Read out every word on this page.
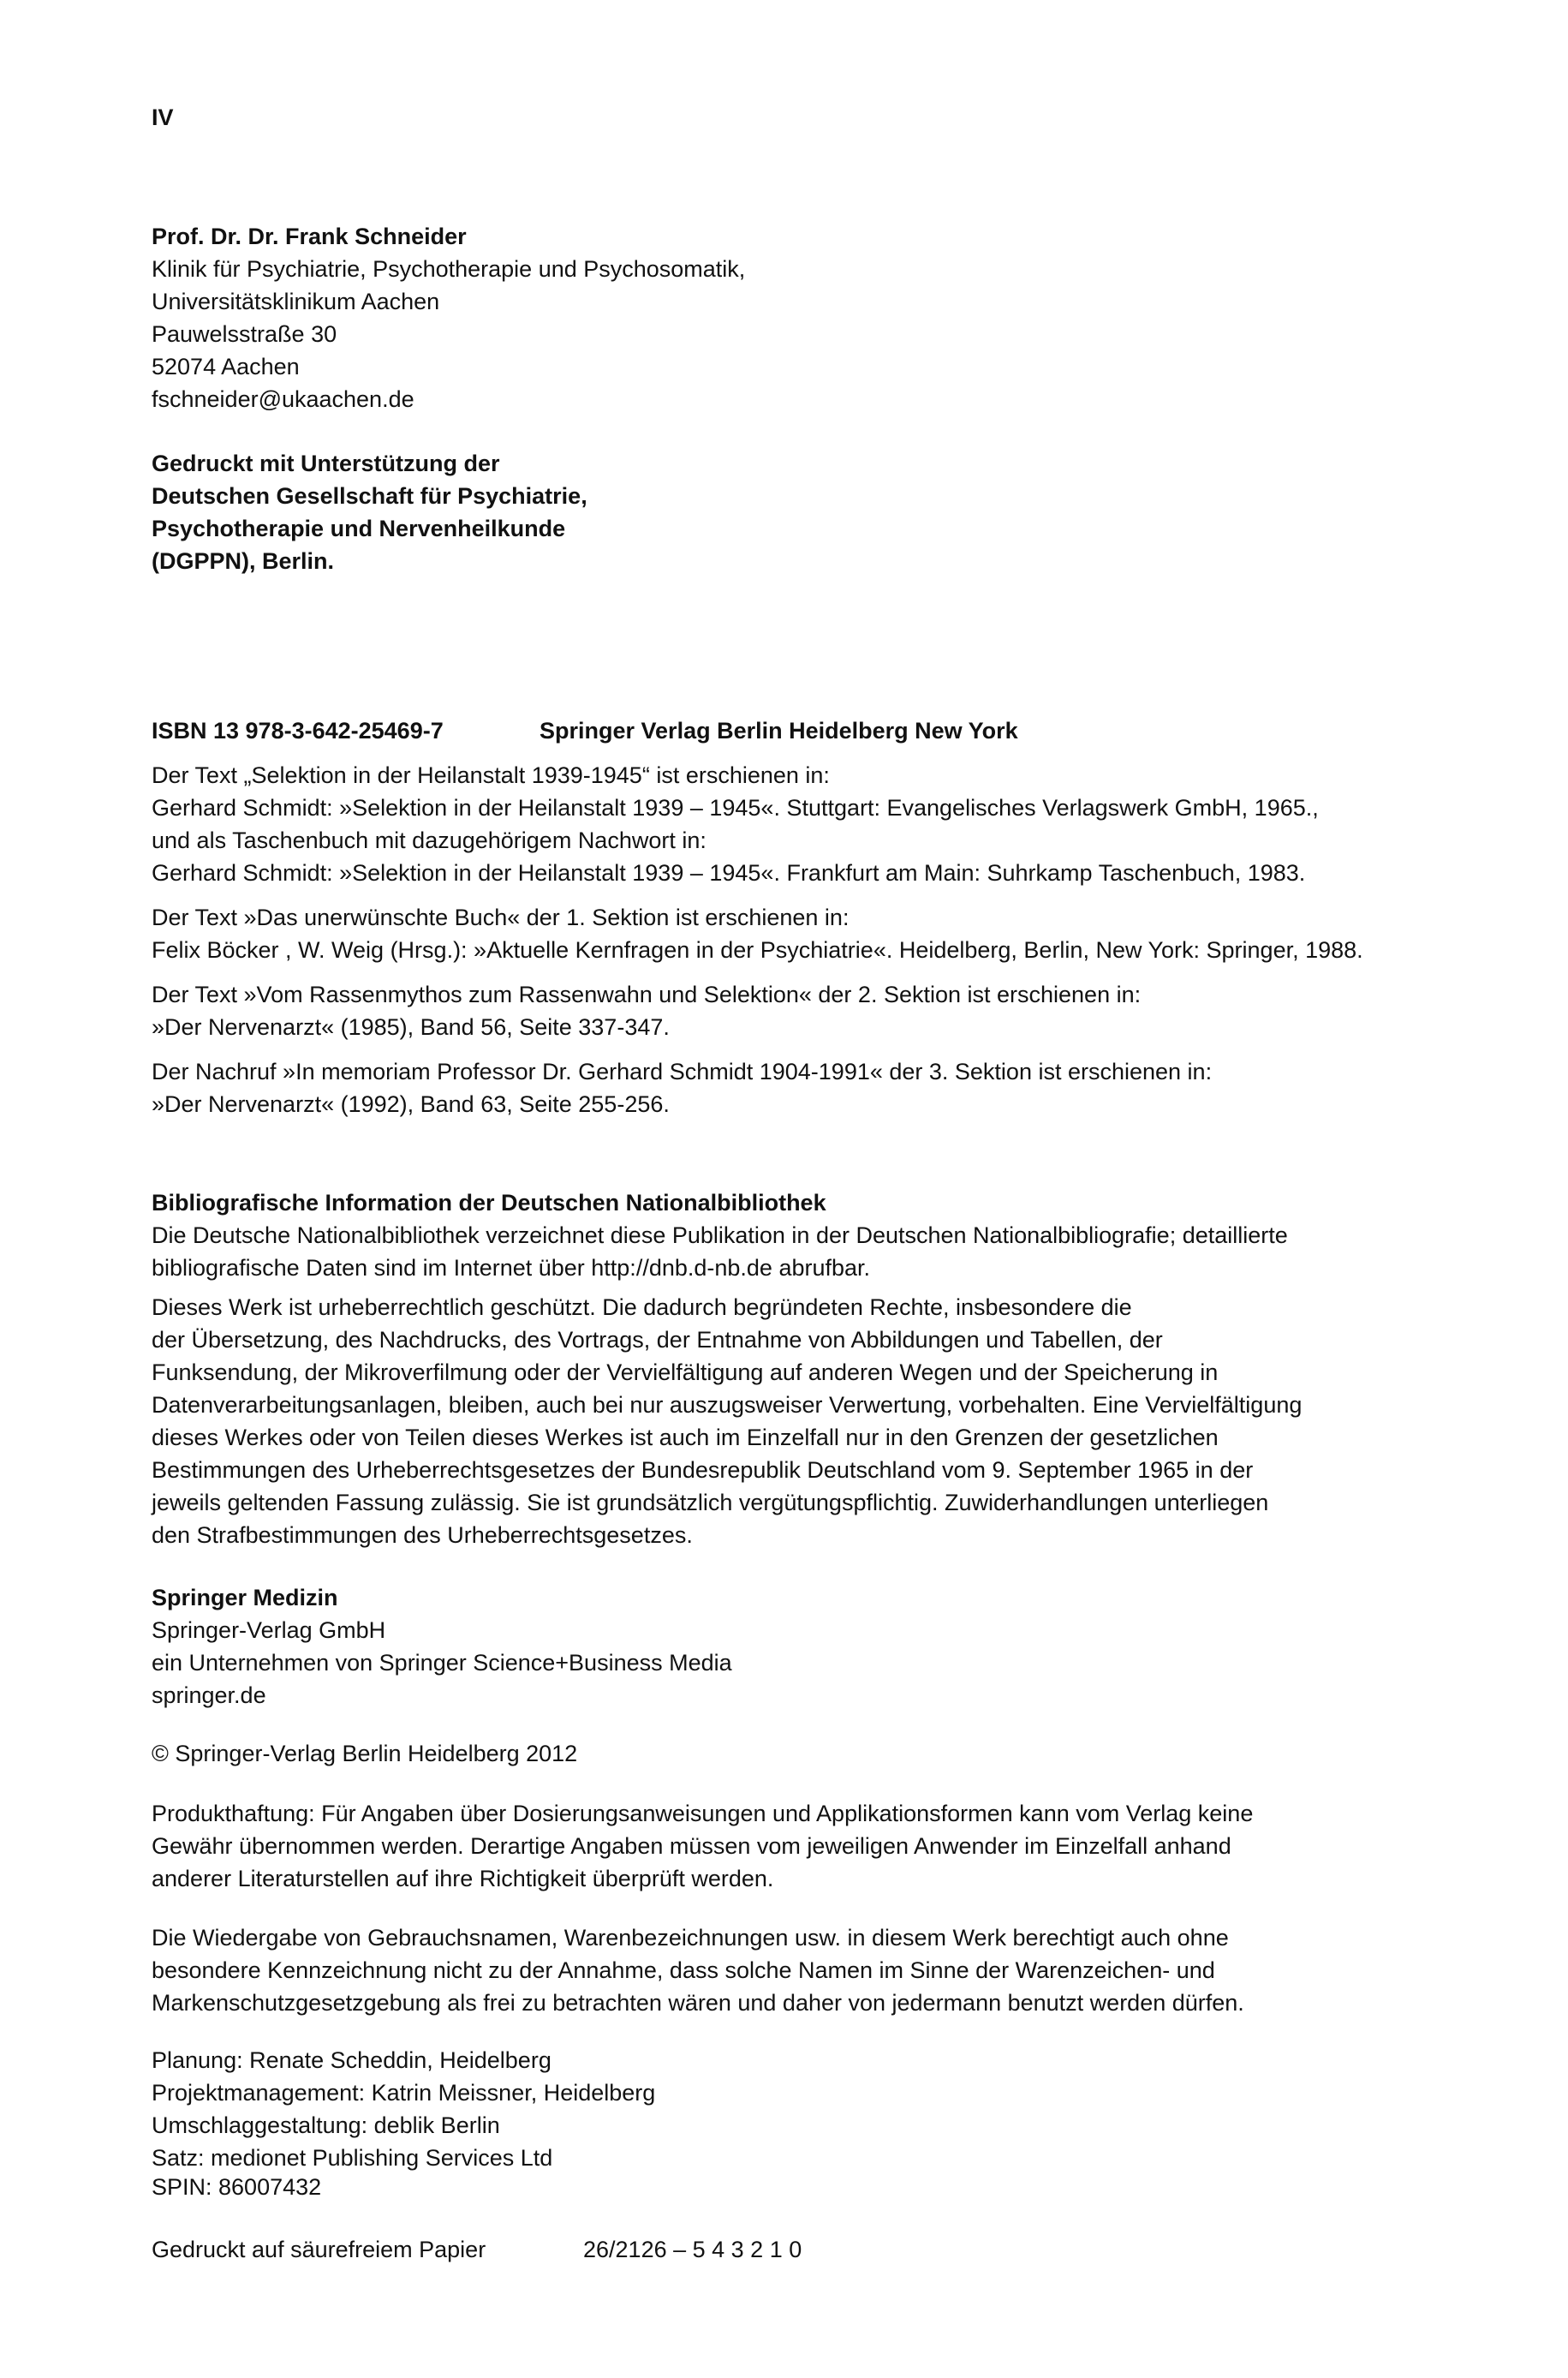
IV
Prof. Dr. Dr. Frank Schneider
Klinik für Psychiatrie, Psychotherapie und Psychosomatik,
Universitätsklinikum Aachen
Pauwelsstraße 30
52074 Aachen
fschneider@ukaachen.de
Gedruckt mit Unterstützung der
Deutschen Gesellschaft für Psychiatrie,
Psychotherapie und Nervenheilkunde
(DGPPN), Berlin.
ISBN 13 978-3-642-25469-7	Springer Verlag Berlin Heidelberg New York
Der Text „Selektion in der Heilanstalt 1939-1945“ ist erschienen in:
Gerhard Schmidt: »Selektion in der Heilanstalt 1939 – 1945«. Stuttgart: Evangelisches Verlagswerk GmbH, 1965.,
und als Taschenbuch mit dazugehörigem Nachwort in:
Gerhard Schmidt: »Selektion in der Heilanstalt 1939 – 1945«. Frankfurt am Main: Suhrkamp Taschenbuch, 1983.
Der Text »Das unerwünschte Buch« der 1. Sektion ist erschienen in:
Felix Böcker , W. Weig (Hrsg.): »Aktuelle Kernfragen in der Psychiatrie«. Heidelberg, Berlin, New York: Springer, 1988.
Der Text »Vom Rassenmythos zum Rassenwahn und Selektion« der 2. Sektion ist erschienen in:
»Der Nervenarzt« (1985), Band 56, Seite 337-347.
Der Nachruf »In memoriam Professor Dr. Gerhard Schmidt 1904-1991« der 3. Sektion ist erschienen in:
»Der Nervenarzt« (1992), Band 63, Seite 255-256.
Bibliografische Information der Deutschen Nationalbibliothek
Die Deutsche Nationalbibliothek verzeichnet diese Publikation in der Deutschen Nationalbibliografie; detaillierte
bibliografische Daten sind im Internet über http://dnb.d-nb.de abrufbar.
Dieses Werk ist urheberrechtlich geschützt. Die dadurch begründeten Rechte, insbesondere die
der Übersetzung, des Nachdrucks, des Vortrags, der Entnahme von Abbildungen und Tabellen, der
Funksendung, der Mikroverfilmung oder der Vervielfältigung auf anderen Wegen und der Speicherung in
Datenverarbeitungsanlagen, bleiben, auch bei nur auszugsweiser Verwertung, vorbehalten. Eine Vervielfältigung
dieses Werkes oder von Teilen dieses Werkes ist auch im Einzelfall nur in den Grenzen der gesetzlichen
Bestimmungen des Urheberrechtsgesetzes der Bundesrepublik Deutschland vom 9. September 1965 in der
jeweils geltenden Fassung zulässig. Sie ist grundsätzlich vergütungspflichtig. Zuwiderhandlungen unterliegen
den Strafbestimmungen des Urheberrechtsgesetzes.
Springer Medizin
Springer-Verlag GmbH
ein Unternehmen von Springer Science+Business Media
springer.de
© Springer-Verlag Berlin Heidelberg 2012
Produkthaftung: Für Angaben über Dosierungsanweisungen und Applikationsformen kann vom Verlag keine
Gewähr übernommen werden. Derartige Angaben müssen vom jeweiligen Anwender im Einzelfall anhand
anderer Literaturstellen auf ihre Richtigkeit überprüft werden.
Die Wiedergabe von Gebrauchsnamen, Warenbezeichnungen usw. in diesem Werk berechtigt auch ohne
besondere Kennzeichnung nicht zu der Annahme, dass solche Namen im Sinne der Warenzeichen- und
Markenschutzgesetzgebung als frei zu betrachten wären und daher von jedermann benutzt werden dürfen.
Planung: Renate Scheddin, Heidelberg
Projektmanagement: Katrin Meissner, Heidelberg
Umschlaggestaltung: deblik Berlin
Satz: medionet Publishing Services Ltd
SPIN: 86007432
Gedruckt auf säurefreiem Papier	26/2126 – 5 4 3 2 1 0
